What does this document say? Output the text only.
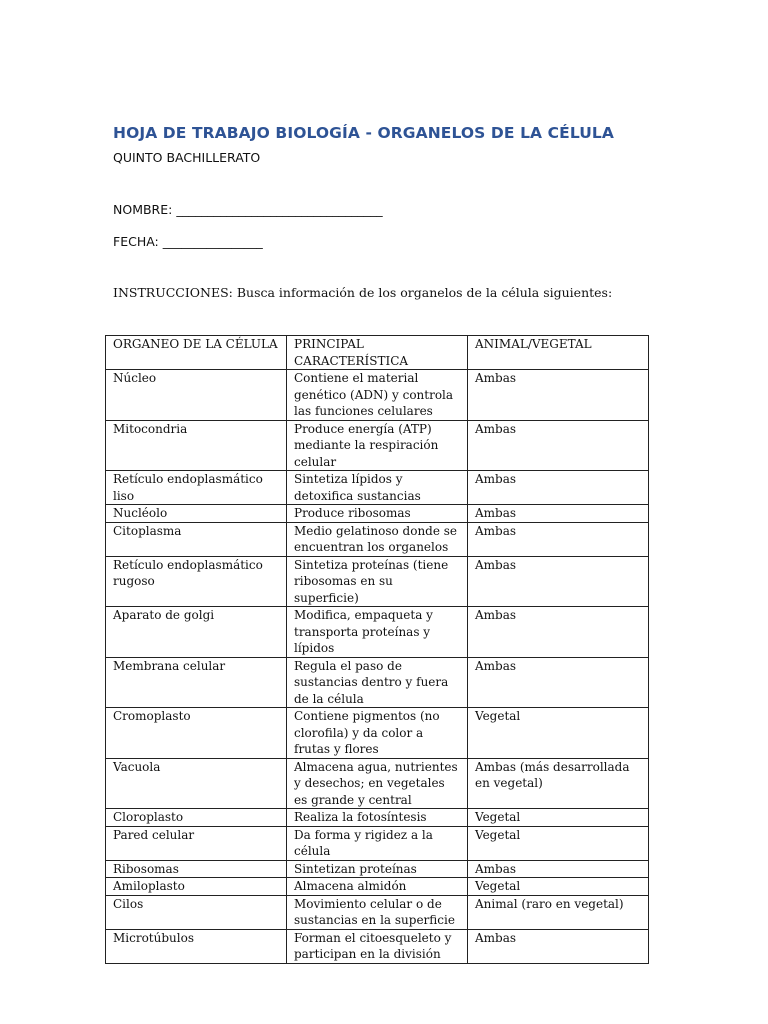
HOJA DE TRABAJO BIOLOGÍA - ORGANELOS DE LA CÉLULA
QUINTO BACHILLERATO
NOMBRE: _________________________________
FECHA: ________________
INSTRUCCIONES: Busca información de los organelos de la célula siguientes:
ORGANEO DE LA CÉLULA	PRINCIPAL CARACTERÍSTICA	ANIMAL/VEGETAL
Núcleo	Contiene el material genético (ADN) y controla las funciones celulares	Ambas
Mitocondria	Produce energía (ATP) mediante la respiración celular	Ambas
Retículo endoplasmático liso	Sintetiza lípidos y detoxifica sustancias	Ambas
Nucléolo	Produce ribosomas	Ambas
Citoplasma	Medio gelatinoso donde se encuentran los organelos	Ambas
Retículo endoplasmático rugoso	Sintetiza proteínas (tiene ribosomas en su superficie)	Ambas
Aparato de golgi	Modifica, empaqueta y transporta proteínas y lípidos	Ambas
Membrana celular	Regula el paso de sustancias dentro y fuera de la célula	Ambas
Cromoplasto	Contiene pigmentos (no clorofila) y da color a frutas y flores	Vegetal
Vacuola	Almacena agua, nutrientes y desechos; en vegetales es grande y central	Ambas (más desarrollada en vegetal)
Cloroplasto	Realiza la fotosíntesis	Vegetal
Pared celular	Da forma y rigidez a la célula	Vegetal
Ribosomas	Sintetizan proteínas	Ambas
Amiloplasto	Almacena almidón	Vegetal
Cilos	Movimiento celular o de sustancias en la superficie	Animal (raro en vegetal)
Microtúbulos	Forman el citoesqueleto y participan en la división	Ambas
